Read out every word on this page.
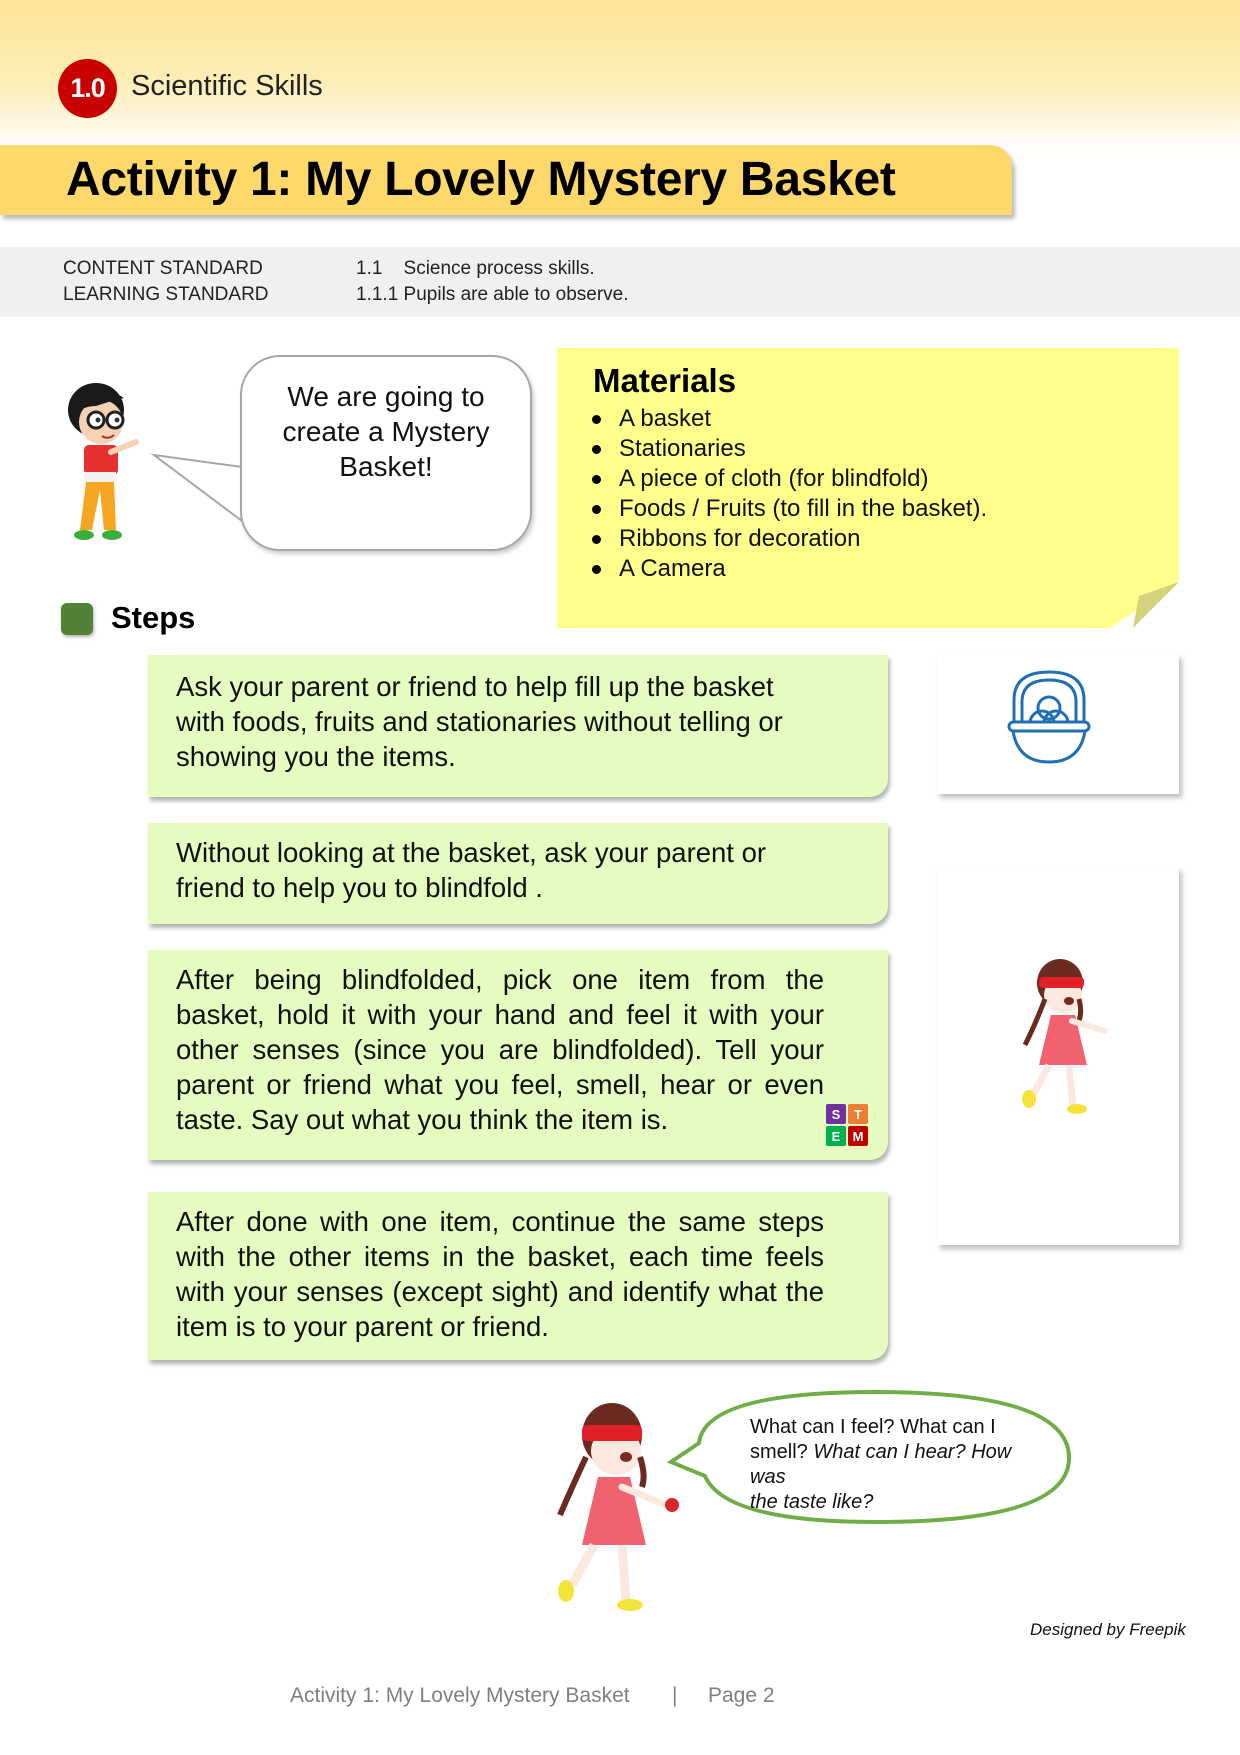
1.0 Scientific Skills
Activity 1: My Lovely Mystery Basket
CONTENT STANDARD	1.1    Science process skills.
LEARNING STANDARD	1.1.1 Pupils are able to observe.
We are going to create a Mystery Basket!
Materials
A basket
Stationaries
A piece of cloth (for blindfold)
Foods / Fruits (to fill in the basket).
Ribbons for decoration
A Camera
Steps
Ask your parent or friend to help fill up the basket with foods, fruits and stationaries without telling or showing you the items.
Without looking at the basket, ask your parent or friend to help you to blindfold .
After being blindfolded, pick one item from the basket, hold it with your hand and feel it with your other senses (since you are blindfolded). Tell your parent or friend what you feel, smell, hear or even taste. Say out what you think the item is.	S	T
E M
After done with one item, continue the same steps with the other items in the basket, each time feels with your senses (except sight) and identify what the item is to your parent or friend.
What can I feel? What can I
smell? What can I hear? How was
the taste like?
Designed by Freepik
Activity 1: My Lovely Mystery Basket | Page 2
